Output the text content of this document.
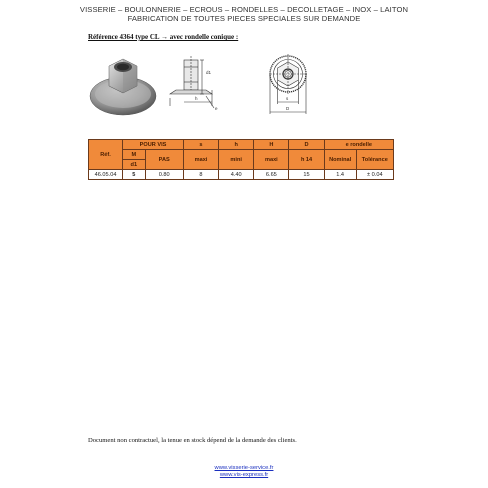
VISSERIE – BOULONNERIE – ECROUS – RONDELLES – DECOLLETAGE – INOX – LAITON
FABRICATION DE TOUTES PIECES SPECIALES SUR DEMANDE
Référence 4364 type CL → avec rondelle conique :
d1
h
e
s
D
Réf.	POUR VIS		s	h	H	D	e rondelle	
	M	PAS	maxi	mini	maxi	h 14	Nominal	Tolérance
	d1							
46.05.04	5	0.80	8	4.40	6.65	15	1.4	± 0.04
Document non contractuel, la tenue en stock dépend de la demande des clients.
www.visserie-service.fr
www.vis-express.fr
